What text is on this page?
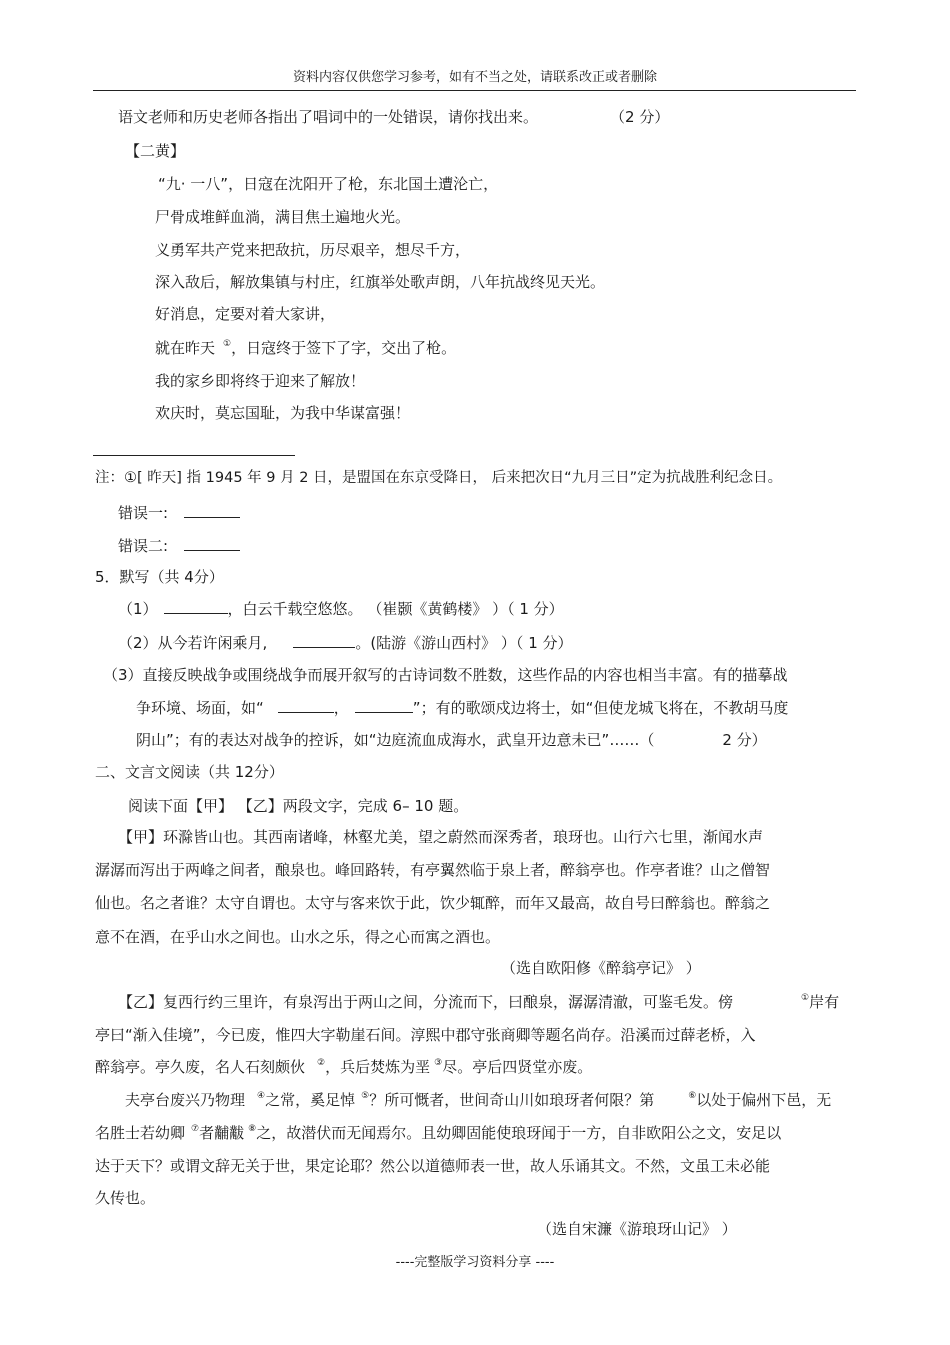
资料内容仅供您学习参考，如有不当之处，请联系改正或者删除
语文老师和历史老师各指出了唱词中的一处错误，请你找出来。	（2 分）
【二黄】
“九· 一八”，日寇在沈阳开了枪，东北国土遭沦亡，
尸骨成堆鲜血淌，满目焦土遍地火光。
义勇军共产党来把敌抗，历尽艰辛，想尽千方，
深入敌后，解放集镇与村庄，红旗举处歌声朗，八年抗战终见天光。
好消息，定要对着大家讲，
就在昨天 ①，日寇终于签下了字，交出了枪。
我的家乡即将终于迎来了解放！
欢庆时，莫忘国耻，为我中华谋富强！
注：①[ 昨天] 指 1945 年 9 月 2 日，是盟国在东京受降日， 后来把次日“九月三日”定为抗战胜利纪念日。
错误一:
错误二:
5．默写（共 4分）
（1）	，白云千载空悠悠。 （崔颢《黄鹤楼》 ）（ 1 分）
（2）从今若许闲乘月,	。(陆游《游山西村》 ）（ 1 分）
（3）直接反映战争或围绕战争而展开叙写的古诗词数不胜数，这些作品的内容也相当丰富。有的描摹战
争环境、场面，如“	，	”；有的歌颂戍边将士，如“但使龙城飞将在，不教胡马度
阴山”；有的表达对战争的控诉，如“边庭流血成海水，武皇开边意未已”……（	2 分）
二、文言文阅读（共 12分）
阅读下面【甲】 【乙】两段文字，完成 6– 10 题。
【甲】环滁皆山也。其西南诸峰，林壑尤美，望之蔚然而深秀者，琅玡也。山行六七里，渐闻水声
潺潺而泻出于两峰之间者，酿泉也。峰回路转，有亭翼然临于泉上者，醉翁亭也。作亭者谁？山之僧智
仙也。名之者谁？太守自谓也。太守与客来饮于此，饮少辄醉，而年又最高，故自号曰醉翁也。醉翁之
意不在酒，在乎山水之间也。山水之乐，得之心而寓之酒也。
（选自欧阳修《醉翁亭记》 ）
【乙】复西行约三里许，有泉泻出于两山之间，分流而下，曰酿泉，潺潺清澈，可鉴毛发。傍	①岸有
亭曰“渐入佳境”，今已废，惟四大字勒崖石间。淳熙中郡守张商卿等题名尚存。沿溪而过薛老桥，入
醉翁亭。亭久废，名人石刻颇伙 ②，兵后焚炼为垩 ③尽。亭后四贤堂亦废。
夫亭台废兴乃物理 ④之常，奚足悼 ⑤？所可慨者，世间奇山川如琅玡者何限？第	⑥以处于偏州下邑，无
名胜士若幼卿 ⑦者黼黻 ⑧之，故潜伏而无闻焉尔。且幼卿固能使琅玡闻于一方，自非欧阳公之文，安足以
达于天下？或谓文辞无关于世，果定论耶？然公以道德师表一世，故人乐诵其文。不然，文虽工未必能
久传也。
（选自宋濂《游琅玡山记》 ）
----完整版学习资料分享 ----
